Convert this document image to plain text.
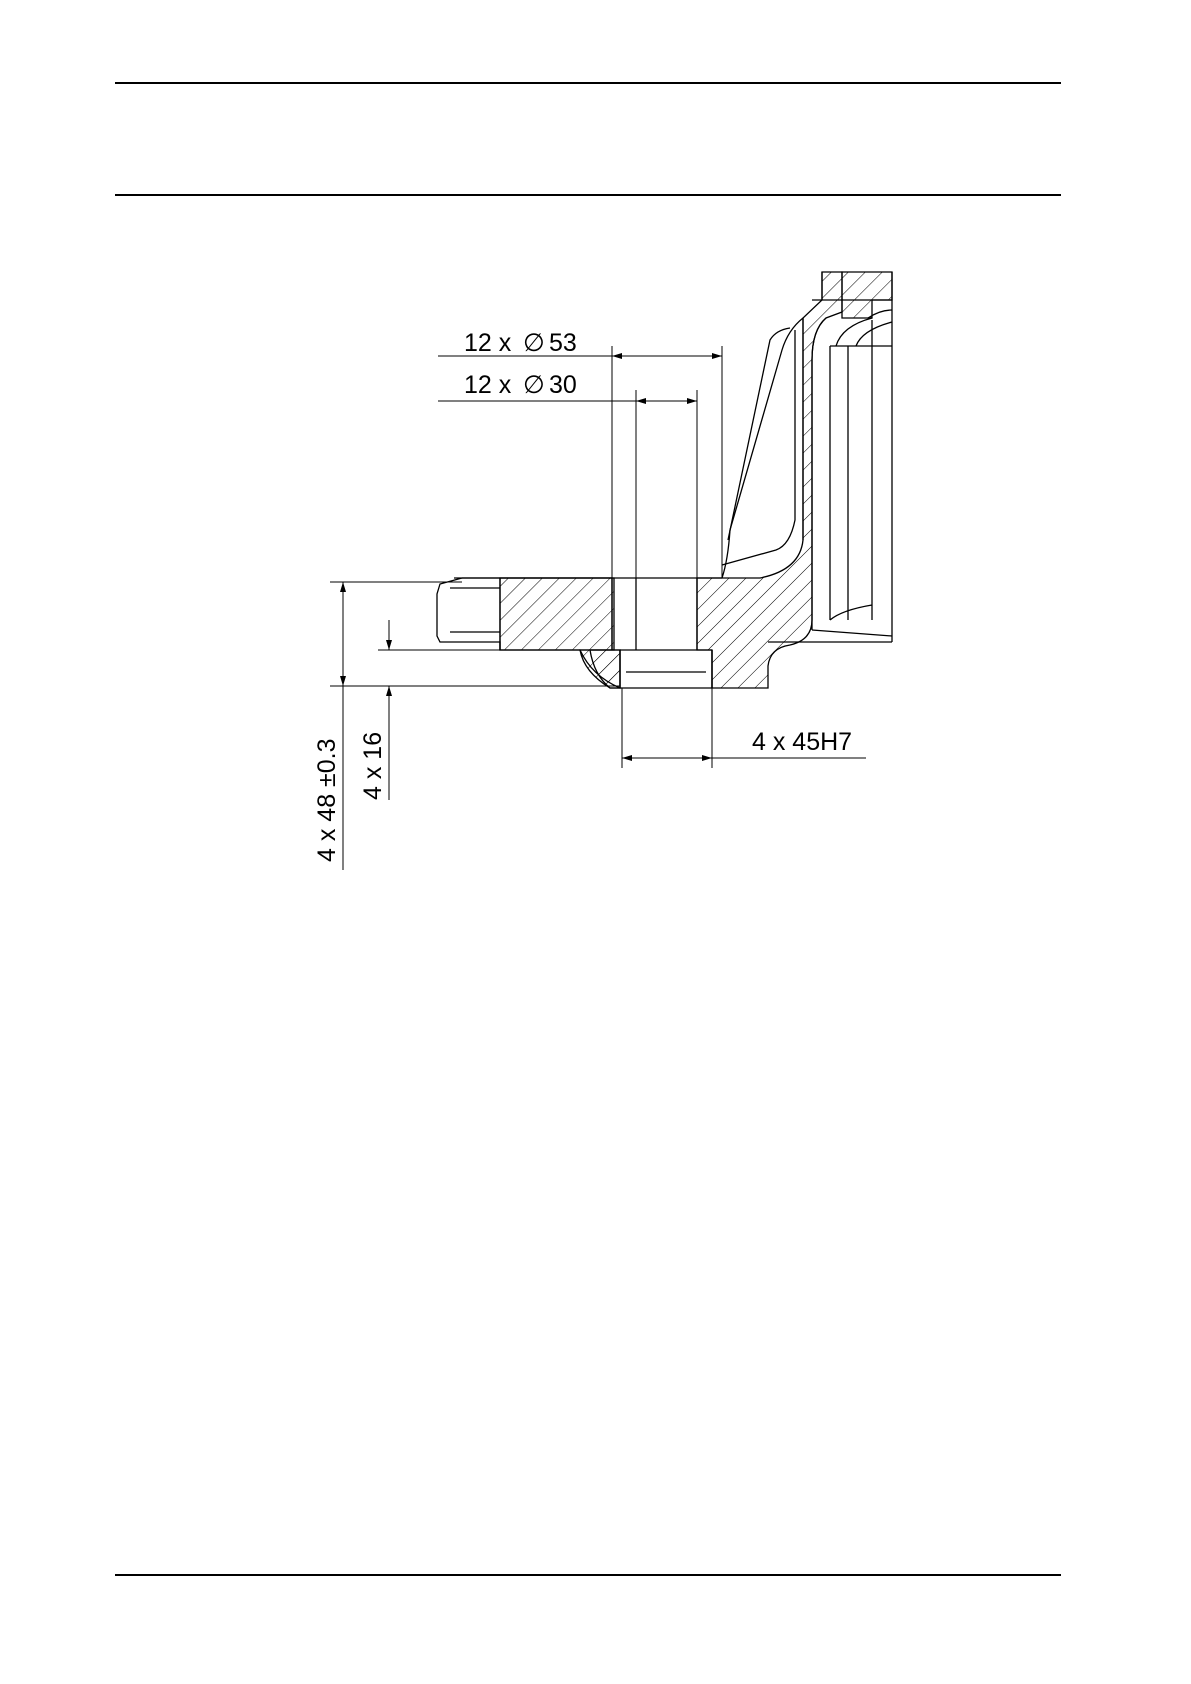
12 x ∅ 53
12 x ∅ 30
4 x 48 ±0.3 4 x 16	4 x 45H7
